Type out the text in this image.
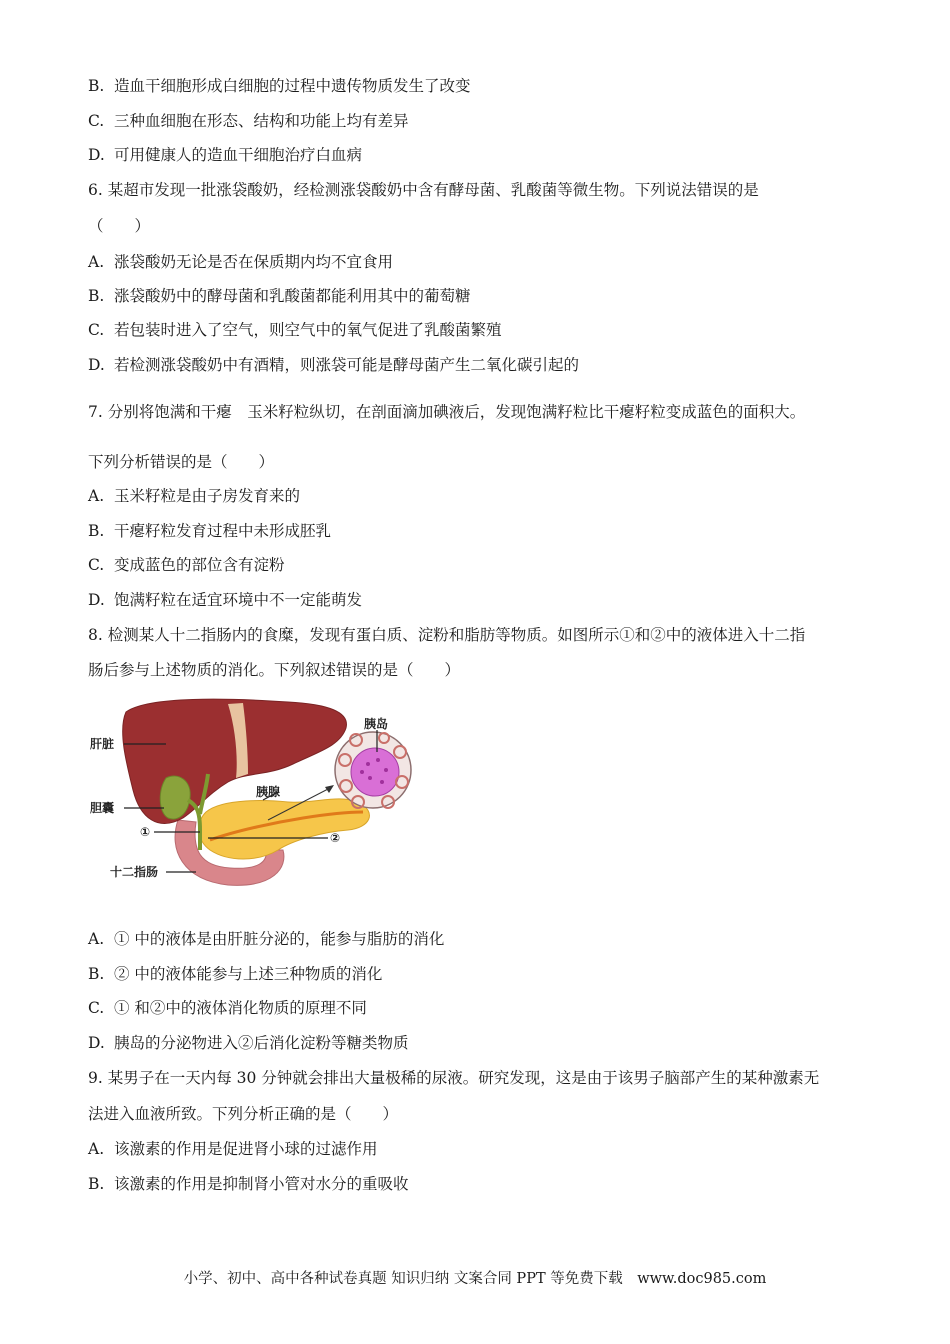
B. 造血干细胞形成白细胞的过程中遗传物质发生了改变
C. 三种血细胞在形态、结构和功能上均有差异
D. 可用健康人的造血干细胞治疗白血病
6. 某超市发现一批涨袋酸奶，经检测涨袋酸奶中含有酵母菌、乳酸菌等微生物。下列说法错误的是
（　　）
A. 涨袋酸奶无论是否在保质期内均不宜食用
B. 涨袋酸奶中的酵母菌和乳酸菌都能利用其中的葡萄糖
C. 若包装时进入了空气，则空气中的氧气促进了乳酸菌繁殖
D. 若检测涨袋酸奶中有酒精，则涨袋可能是酵母菌产生二氧化碳引起的
7. 分别将饱满和干瘪　玉米籽粒纵切，在剖面滴加碘液后，发现饱满籽粒比干瘪籽粒变成蓝色的面积大。
下列分析错误的是（　　）
A. 玉米籽粒是由子房发育来的
B. 干瘪籽粒发育过程中未形成胚乳
C. 变成蓝色的部位含有淀粉
D. 饱满籽粒在适宜环境中不一定能萌发
8. 检测某人十二指肠内的食糜，发现有蛋白质、淀粉和脂肪等物质。如图所示①和②中的液体进入十二指
肠后参与上述物质的消化。下列叙述错误的是（　　）
肝脏
胆囊
胰腺
胰岛
十二指肠
①	②
A. ① 中的液体是由肝脏分泌的，能参与脂肪的消化
B. ② 中的液体能参与上述三种物质的消化
C. ① 和②中的液体消化物质的原理不同
D. 胰岛的分泌物进入②后消化淀粉等糖类物质
9. 某男子在一天内每 30 分钟就会排出大量极稀的尿液。研究发现，这是由于该男子脑部产生的某种激素无
法进入血液所致。下列分析正确的是（　　）
A. 该激素的作用是促进肾小球的过滤作用
B. 该激素的作用是抑制肾小管对水分的重吸收
小学、初中、高中各种试卷真题 知识归纳 文案合同 PPT 等免费下载　www.doc985.com
